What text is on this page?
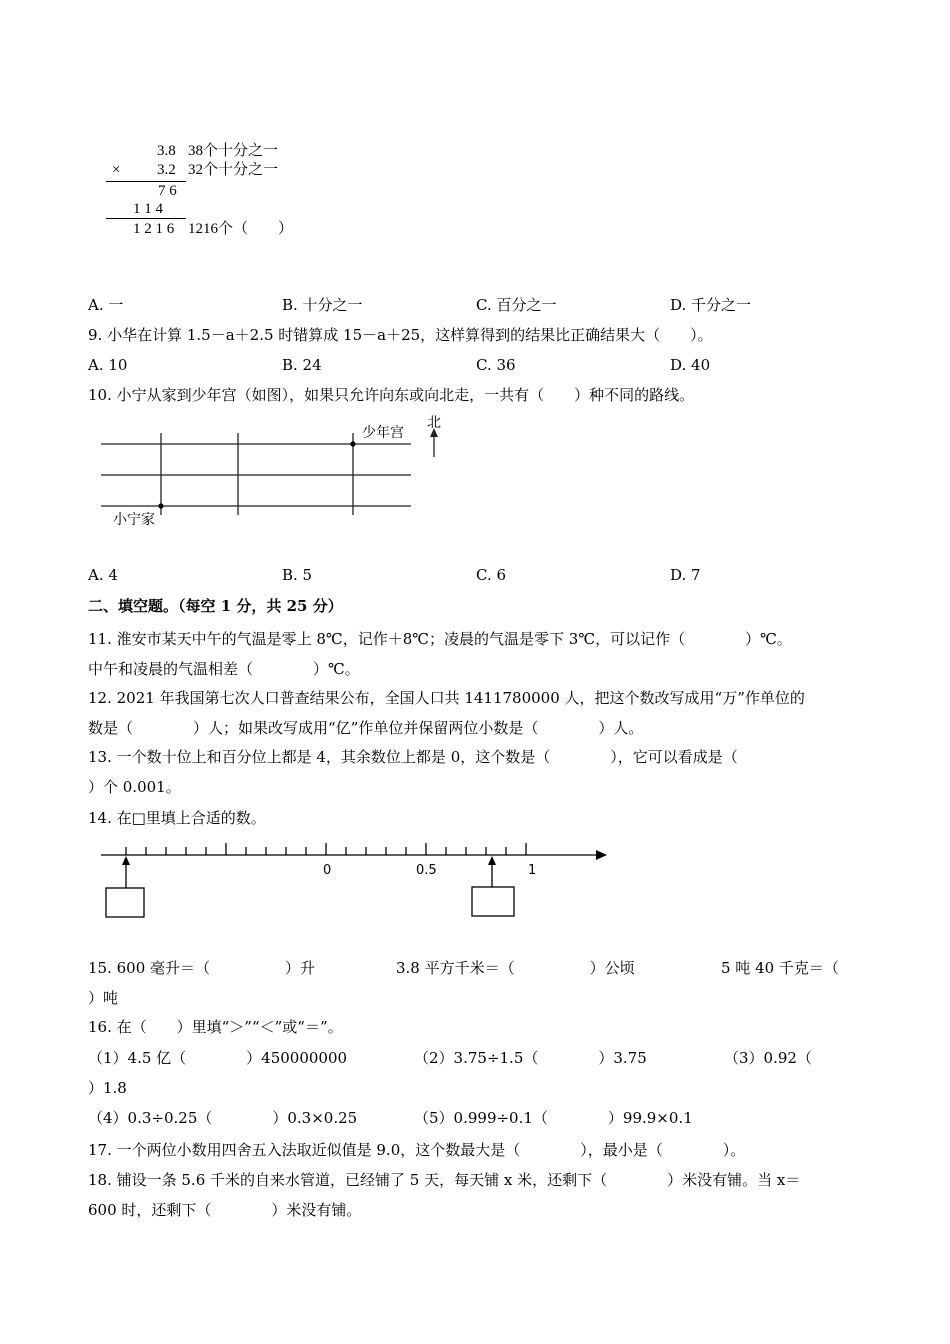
3.8 38个十分之一
× 3.2 32个十分之一
7 6
1 1 4
1 2 1 6 1216个（　　）
A. 一	B. 十分之一	C. 百分之一	D. 千分之一
9. 小华在计算 1.5－a＋2.5 时错算成 15－a＋25，这样算得到的结果比正确结果大（　　）。
A. 10	B. 24	C. 36	D. 40
10. 小宁从家到少年宫（如图），如果只允许向东或向北走，一共有（　　）种不同的路线。
少年宫
小宁家
北
A. 4	B. 5	C. 6	D. 7
二、填空题。（每空 1 分，共 25 分）
11. 淮安市某天中午的气温是零上 8℃，记作＋8℃；凌晨的气温是零下 3℃，可以记作（　　　　）℃。
中午和凌晨的气温相差（　　　　）℃。
12. 2021 年我国第七次人口普查结果公布，全国人口共 1411780000 人，把这个数改写成用“万”作单位的
数是（　　　　）人；如果改写成用“亿”作单位并保留两位小数是（　　　　）人。
13. 一个数十位上和百分位上都是 4，其余数位上都是 0，这个数是（　　　　），它可以看成是（
）个 0.001。
14. 在□里填上合适的数。
0	0.5	1
15. 600 毫升＝（　　　　　）升	3.8 平方千米＝（　　　　　）公顷	5 吨 40 千克＝（
）吨
16. 在（　　）里填“＞”“＜”或“＝”。
（1）4.5 亿（　　　　）450000000	（2）3.75÷1.5（　　　　）3.75	（3）0.92（
）1.8
（4）0.3÷0.25（　　　　）0.3×0.25	（5）0.999÷0.1（　　　　）99.9×0.1
17. 一个两位小数用四舍五入法取近似值是 9.0，这个数最大是（　　　　），最小是（　　　　）。
18. 铺设一条 5.6 千米的自来水管道，已经铺了 5 天，每天铺 x 米，还剩下（　　　　）米没有铺。当 x＝
600 时，还剩下（　　　　）米没有铺。
